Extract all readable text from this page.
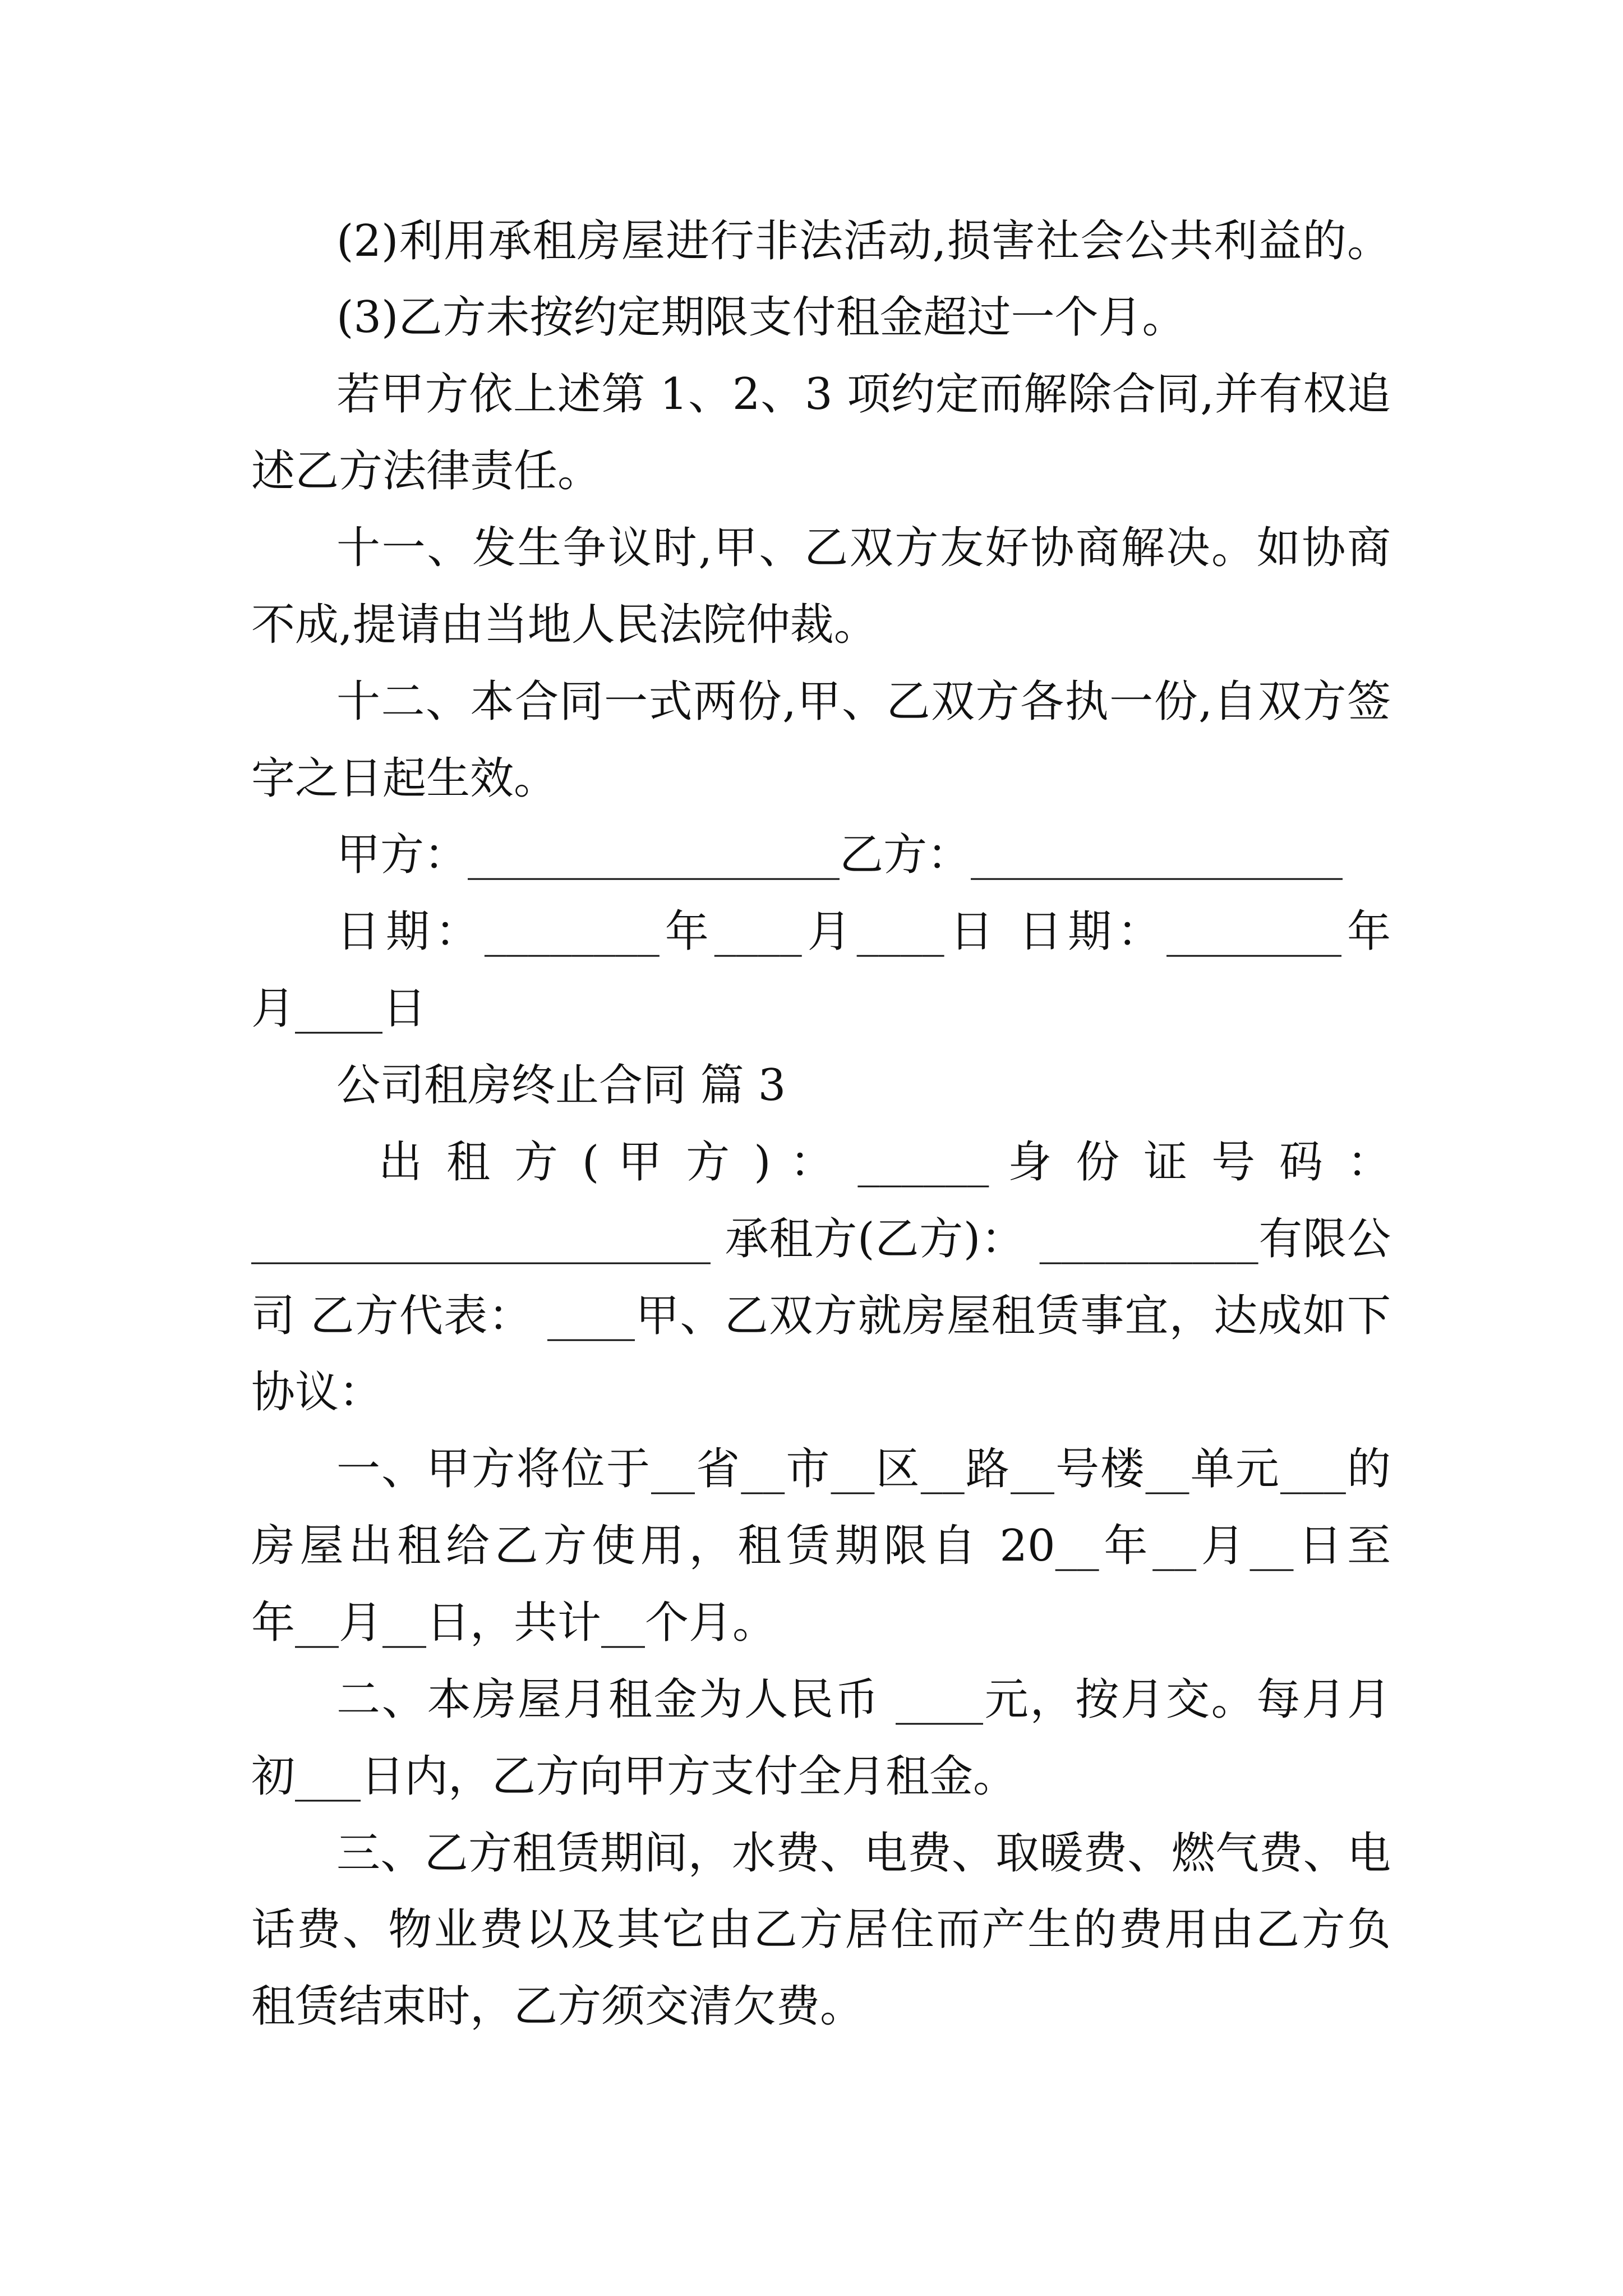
(2)利用承租房屋进行非法活动,损害社会公共利益的。
(3)乙方未按约定期限支付租金超过一个月。
若甲方依上述第 1、2、3 项约定而解除合同,并有权追
述乙方法律责任。
十一、发生争议时,甲、乙双方友好协商解决。如协商
不成,提请由当地人民法院仲裁。
十二、本合同一式两份,甲、乙双方各执一份,自双方签
字之日起生效。
甲方：_________________乙方：_________________
日期：________年____月____日 日期：________年
月____日
公司租房终止合同 篇 3
出 租 方 ( 甲 方 ) ： ______ 身 份 证 号 码 ：
_____________________ 承租方(乙方)： __________有限公
司 乙方代表： ____甲、乙双方就房屋租赁事宜，达成如下
协议：
一、甲方将位于__省__市__区__路__号楼__单元___的
房屋出租给乙方使用，租赁期限自 20__年__月__日至
年__月__日，共计__个月。
二、本房屋月租金为人民币 ____元，按月交。每月月
初___日内，乙方向甲方支付全月租金。
三、乙方租赁期间，水费、电费、取暖费、燃气费、电
话费、物业费以及其它由乙方居住而产生的费用由乙方负
租赁结束时，乙方须交清欠费。
